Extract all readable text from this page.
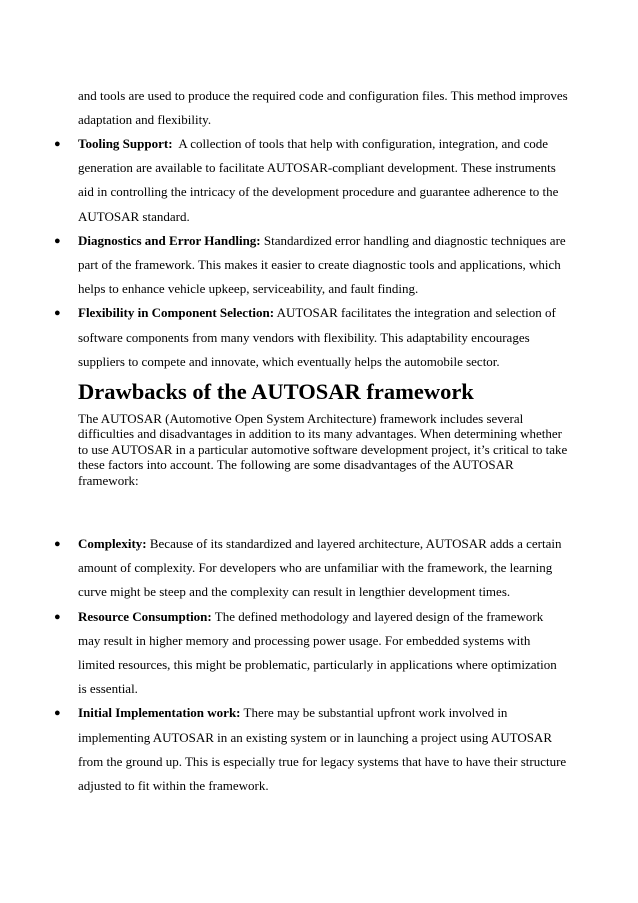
and tools are used to produce the required code and configuration files. This method improves adaptation and flexibility.

● Tooling Support:  A collection of tools that help with configuration, integration, and code generation are available to facilitate AUTOSAR-compliant development. These instruments aid in controlling the intricacy of the development procedure and guarantee adherence to the AUTOSAR standard.
● Diagnostics and Error Handling: Standardized error handling and diagnostic techniques are part of the framework. This makes it easier to create diagnostic tools and applications, which helps to enhance vehicle upkeep, serviceability, and fault finding.
● Flexibility in Component Selection: AUTOSAR facilitates the integration and selection of software components from many vendors with flexibility. This adaptability encourages suppliers to compete and innovate, which eventually helps the automobile sector.
Drawbacks of the AUTOSAR framework

The AUTOSAR (Automotive Open System Architecture) framework includes several difficulties and disadvantages in addition to its many advantages. When determining whether to use AUTOSAR in a particular automotive software development project, it’s critical to take these factors into account. The following are some disadvantages of the AUTOSAR framework:

● Complexity: Because of its standardized and layered architecture, AUTOSAR adds a certain amount of complexity. For developers who are unfamiliar with the framework, the learning curve might be steep and the complexity can result in lengthier development times.
● Resource Consumption: The defined methodology and layered design of the framework may result in higher memory and processing power usage. For embedded systems with limited resources, this might be problematic, particularly in applications where optimization is essential.
● Initial Implementation work: There may be substantial upfront work involved in implementing AUTOSAR in an existing system or in launching a project using AUTOSAR from the ground up. This is especially true for legacy systems that have to have their structure adjusted to fit within the framework.
